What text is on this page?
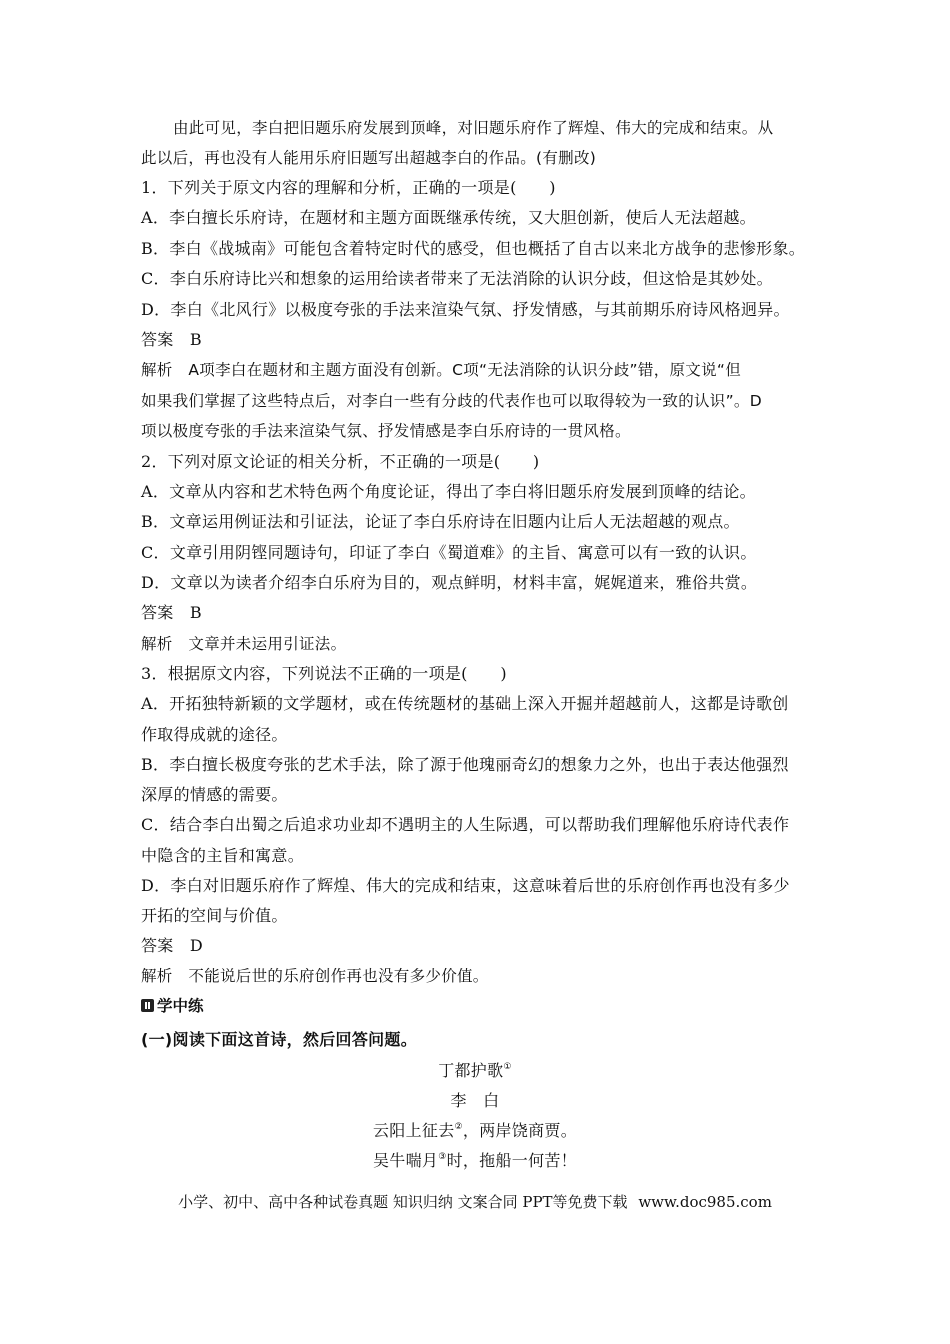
由此可见，李白把旧题乐府发展到顶峰，对旧题乐府作了辉煌、伟大的完成和结束。从
此以后，再也没有人能用乐府旧题写出超越李白的作品。(有删改)
1．下列关于原文内容的理解和分析，正确的一项是(　　)
A．李白擅长乐府诗，在题材和主题方面既继承传统，又大胆创新，使后人无法超越。
B．李白《战城南》可能包含着特定时代的感受，但也概括了自古以来北方战争的悲惨形象。
C．李白乐府诗比兴和想象的运用给读者带来了无法消除的认识分歧，但这恰是其妙处。
D．李白《北风行》以极度夸张的手法来渲染气氛、抒发情感，与其前期乐府诗风格迥异。
答案　B
解析　A项李白在题材和主题方面没有创新。C项“无法消除的认识分歧”错，原文说“但
如果我们掌握了这些特点后，对李白一些有分歧的代表作也可以取得较为一致的认识”。D
项以极度夸张的手法来渲染气氛、抒发情感是李白乐府诗的一贯风格。
2．下列对原文论证的相关分析，不正确的一项是(　　)
A．文章从内容和艺术特色两个角度论证，得出了李白将旧题乐府发展到顶峰的结论。
B．文章运用例证法和引证法，论证了李白乐府诗在旧题内让后人无法超越的观点。
C．文章引用阴铿同题诗句，印证了李白《蜀道难》的主旨、寓意可以有一致的认识。
D．文章以为读者介绍李白乐府为目的，观点鲜明，材料丰富，娓娓道来，雅俗共赏。
答案　B
解析　文章并未运用引证法。
3．根据原文内容，下列说法不正确的一项是(　　)
A．开拓独特新颖的文学题材，或在传统题材的基础上深入开掘并超越前人，这都是诗歌创
作取得成就的途径。
B．李白擅长极度夸张的艺术手法，除了源于他瑰丽奇幻的想象力之外，也出于表达他强烈
深厚的情感的需要。
C．结合李白出蜀之后追求功业却不遇明主的人生际遇，可以帮助我们理解他乐府诗代表作
中隐含的主旨和寓意。
D．李白对旧题乐府作了辉煌、伟大的完成和结束，这意味着后世的乐府创作再也没有多少
开拓的空间与价值。
答案　D
解析　不能说后世的乐府创作再也没有多少价值。
学中练
(一)阅读下面这首诗，然后回答问题。
丁都护歌①
李　白
云阳上征去②，两岸饶商贾。
吴牛喘月③时，拖船一何苦！
小学、初中、高中各种试卷真题 知识归纳 文案合同 PPT等免费下载 www.doc985.com
